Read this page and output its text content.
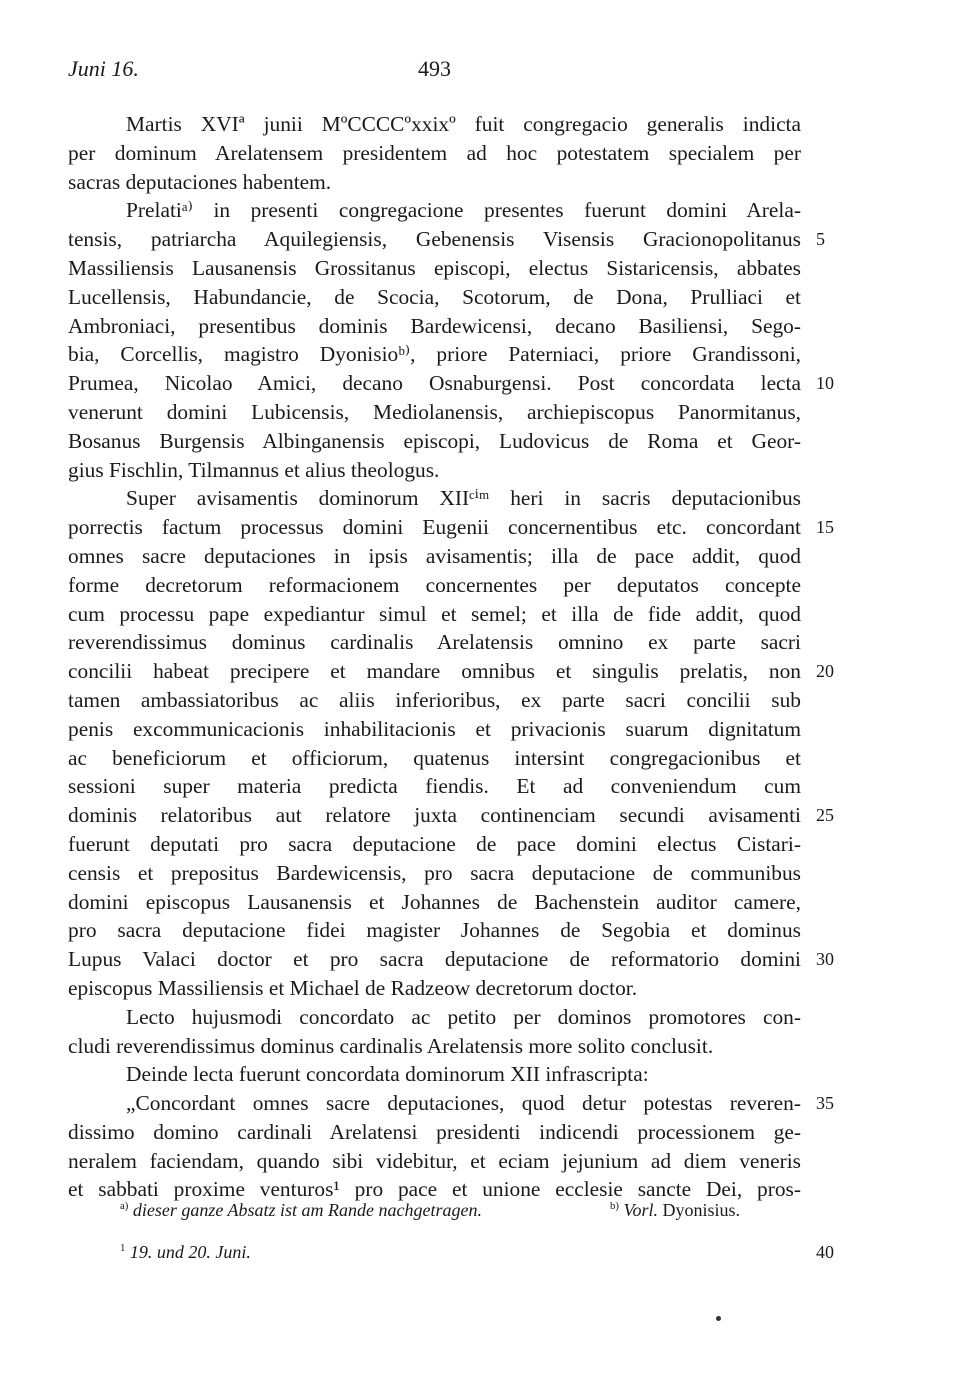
Juni 16.	493
Martis XVIª junii MºCCCCºxxixº fuit congregacio generalis indicta
per dominum Arelatensem presidentem ad hoc potestatem specialem per
sacras deputaciones habentem.
Prelatiᵃ⁾ in presenti congregacione presentes fuerunt domini Arela-
tensis, patriarcha Aquilegiensis, Gebenensis Visensis Gracionopolitanus 5
Massiliensis Lausanensis Grossitanus episcopi, electus Sistaricensis, abbates
Lucellensis, Habundancie, de Scocia, Scotorum, de Dona, Prulliaci et
Ambroniaci, presentibus dominis Bardewicensi, decano Basiliensi, Sego-
bia, Corcellis, magistro Dyonisioᵇ⁾, priore Paterniaci, priore Grandissoni,
Prumea, Nicolao Amici, decano Osnaburgensi. Post concordata lecta 10
venerunt domini Lubicensis, Mediolanensis, archiepiscopus Panormitanus,
Bosanus Burgensis Albinganensis episcopi, Ludovicus de Roma et Geor-
gius Fischlin, Tilmannus et alius theologus.
Super avisamentis dominorum XIIᶜⁱᵐ heri in sacris deputacionibus
porrectis factum processus domini Eugenii concernentibus etc. concordant 15
omnes sacre deputaciones in ipsis avisamentis; illa de pace addit, quod
forme decretorum reformacionem concernentes per deputatos concepte
cum processu pape expediantur simul et semel; et illa de fide addit, quod
reverendissimus dominus cardinalis Arelatensis omnino ex parte sacri
concilii habeat precipere et mandare omnibus et singulis prelatis, non 20
tamen ambassiatoribus ac aliis inferioribus, ex parte sacri concilii sub
penis excommunicacionis inhabilitacionis et privacionis suarum dignitatum
ac beneficiorum et officiorum, quatenus intersint congregacionibus et
sessioni super materia predicta fiendis. Et ad conveniendum cum
dominis relatoribus aut relatore juxta continenciam secundi avisamenti 25
fuerunt deputati pro sacra deputacione de pace domini electus Cistari-
censis et prepositus Bardewicensis, pro sacra deputacione de communibus
domini episcopus Lausanensis et Johannes de Bachenstein auditor camere,
pro sacra deputacione fidei magister Johannes de Segobia et dominus
Lupus Valaci doctor et pro sacra deputacione de reformatorio domini 30
episcopus Massiliensis et Michael de Radzeow decretorum doctor.
Lecto hujusmodi concordato ac petito per dominos promotores con-
cludi reverendissimus dominus cardinalis Arelatensis more solito conclusit.
Deinde lecta fuerunt concordata dominorum XII infrascripta:
„Concordant omnes sacre deputaciones, quod detur potestas reveren- 35
dissimo domino cardinali Arelatensi presidenti indicendi processionem ge-
neralem faciendam, quando sibi videbitur, et eciam jejunium ad diem veneris
et sabbati proxime venturos¹ pro pace et unione ecclesie sancte Dei, pros-
$^{a)}$ dieser ganze Absatz ist am Rande nachgetragen.	$^{b)}$ Vorl. Dyonisius.
$^1$ 19. und 20. Juni.	40
